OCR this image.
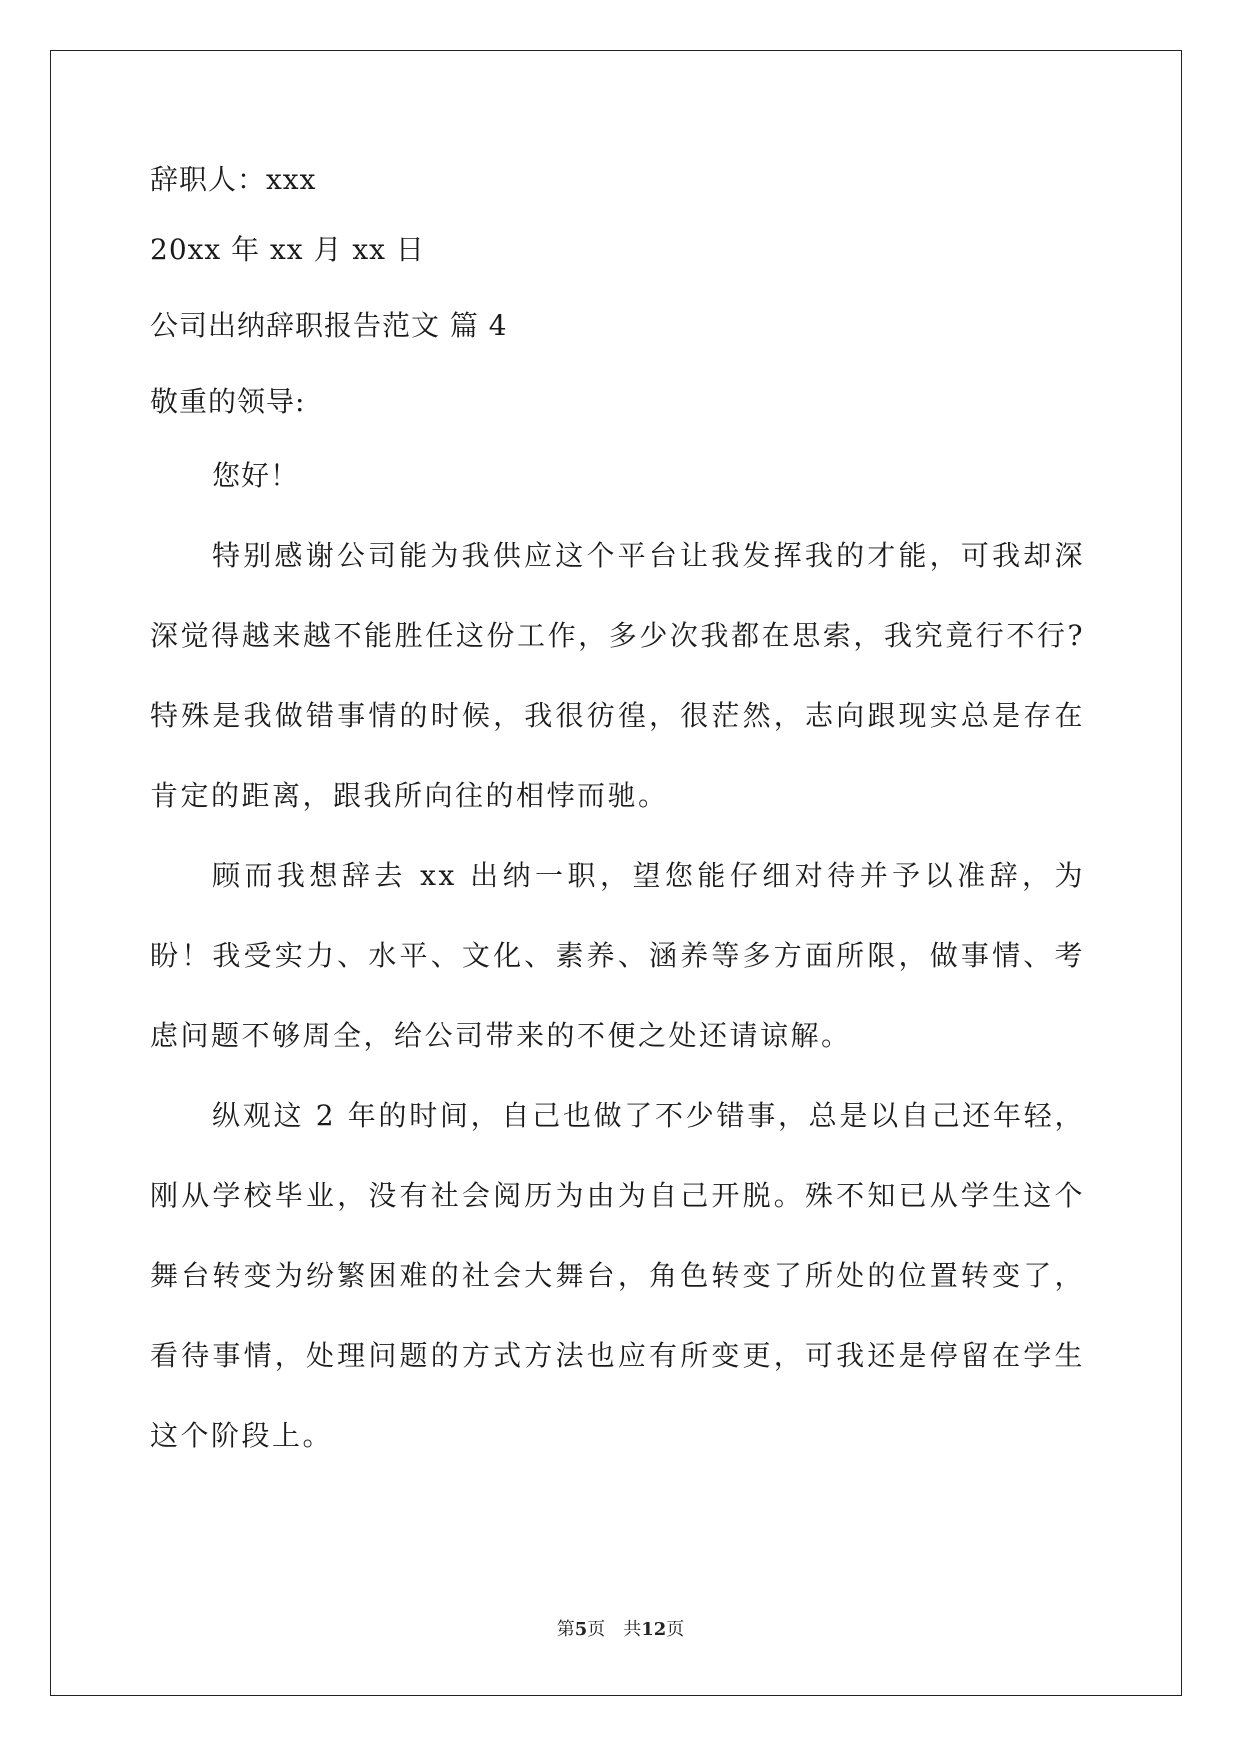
辞职人：xxx
20xx 年 xx 月 xx 日
公司出纳辞职报告范文 篇 4
敬重的领导:
您好！
特别感谢公司能为我供应这个平台让我发挥我的才能，可我却深深觉得越来越不能胜任这份工作，多少次我都在思索，我究竟行不行?特殊是我做错事情的时候，我很彷徨，很茫然，志向跟现实总是存在肯定的距离，跟我所向往的相悖而驰。
顾而我想辞去 xx 出纳一职，望您能仔细对待并予以准辞，为盼！我受实力、水平、文化、素养、涵养等多方面所限，做事情、考虑问题不够周全，给公司带来的不便之处还请谅解。
纵观这 2 年的时间，自己也做了不少错事，总是以自己还年轻，刚从学校毕业，没有社会阅历为由为自己开脱。殊不知已从学生这个舞台转变为纷繁困难的社会大舞台，角色转变了所处的位置转变了，看待事情，处理问题的方式方法也应有所变更，可我还是停留在学生这个阶段上。
第5页　共12页
